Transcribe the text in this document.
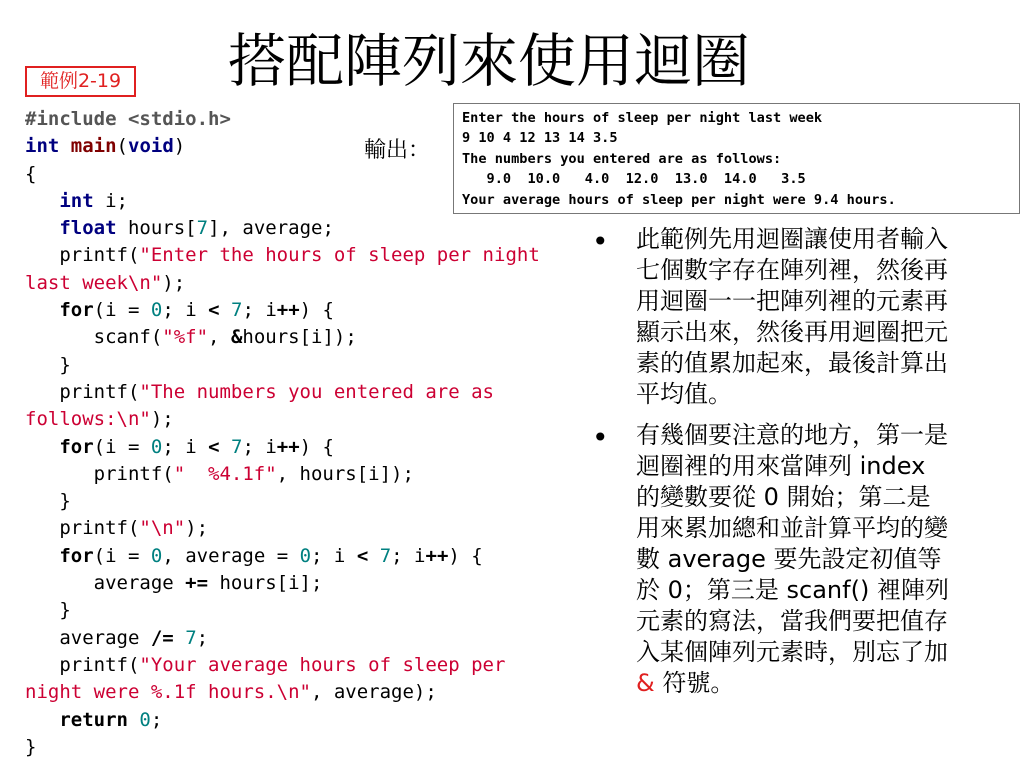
搭配陣列來使用迴圈
範例2-19
#include <stdio.h>
int main(void)
{
int i;
float hours[7], average;
printf("Enter the hours of sleep per night
last week\n");
for(i = 0; i < 7; i++) {
scanf("%f", &hours[i]);
}
printf("The numbers you entered are as
follows:\n");
for(i = 0; i < 7; i++) {
printf("  %4.1f", hours[i]);
}
printf("\n");
for(i = 0, average = 0; i < 7; i++) {
average += hours[i];
}
average /= 7;
printf("Your average hours of sleep per
night were %.1f hours.\n", average);
return 0;
}
輸出：
Enter the hours of sleep per night last week
9 10 4 12 13 14 3.5
The numbers you entered are as follows:
9.0  10.0   4.0  12.0  13.0  14.0   3.5
Your average hours of sleep per night were 9.4 hours.
• 此範例先用迴圈讓使用者輸入
七個數字存在陣列裡，然後再
用迴圈一一把陣列裡的元素再
顯示出來，然後再用迴圈把元
素的值累加起來，最後計算出
平均值。
• 有幾個要注意的地方，第一是
迴圈裡的用來當陣列 index
的變數要從 0 開始；第二是
用來累加總和並計算平均的變
數 average 要先設定初值等
於 0；第三是 scanf() 裡陣列
元素的寫法，當我們要把值存
入某個陣列元素時，別忘了加
& 符號。
